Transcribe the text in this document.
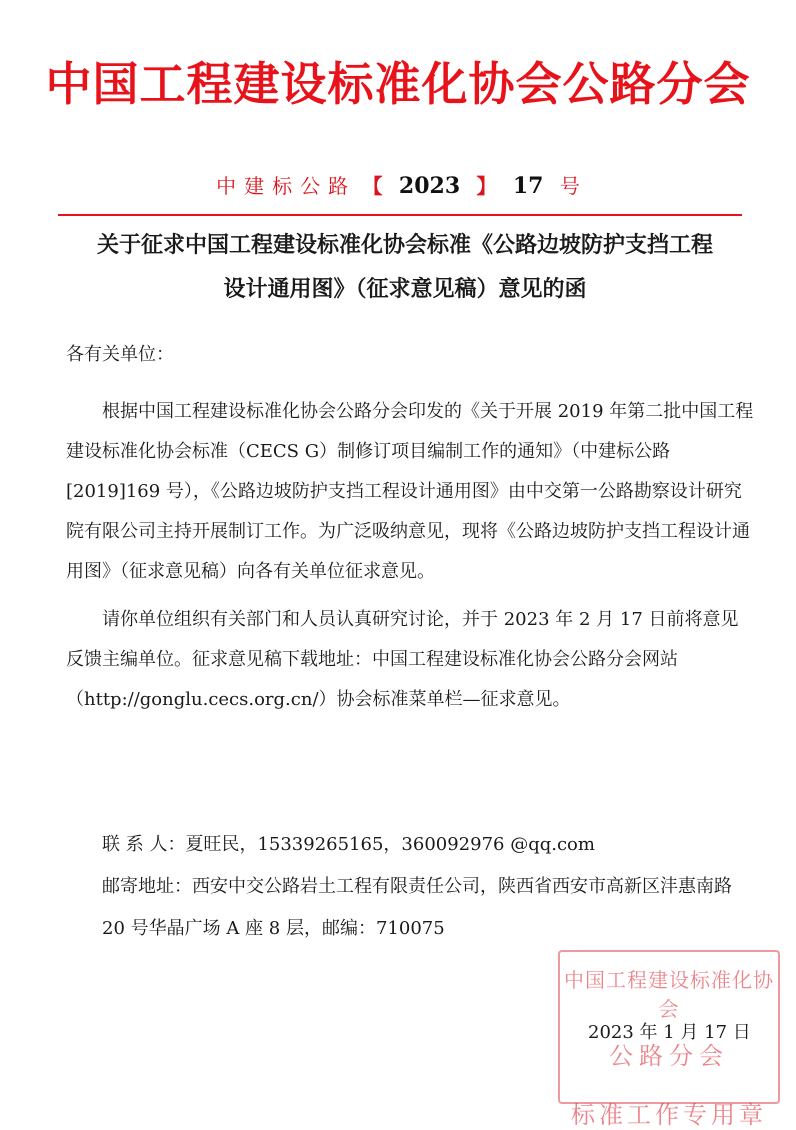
中国工程建设标准化协会公路分会
中建标公路 【 2023 】 17 号
关于征求中国工程建设标准化协会标准《公路边坡防护支挡工程
设计通用图》（征求意见稿）意见的函
各有关单位：

根据中国工程建设标准化协会公路分会印发的《关于开展 2019 年第二批中国工程建设标准化协会标准（CECS G）制修订项目编制工作的通知》（中建标公路[2019]169 号），《公路边坡防护支挡工程设计通用图》由中交第一公路勘察设计研究院有限公司主持开展制订工作。为广泛吸纳意见，现将《公路边坡防护支挡工程设计通用图》（征求意见稿）向各有关单位征求意见。

请你单位组织有关部门和人员认真研究讨论，并于 2023 年 2 月 17 日前将意见反馈主编单位。征求意见稿下载地址：中国工程建设标准化协会公路分会网站（http://gonglu.cecs.org.cn/）协会标准菜单栏—征求意见。

联 系 人：夏旺民，15339265165，360092976 @qq.com

邮寄地址：西安中交公路岩土工程有限责任公司，陕西省西安市高新区沣惠南路 20 号华晶广场 A 座 8 层，邮编：710075

中国工程建设标准化协会
公路分会
标准工作专用章
2023 年 1 月 17 日
